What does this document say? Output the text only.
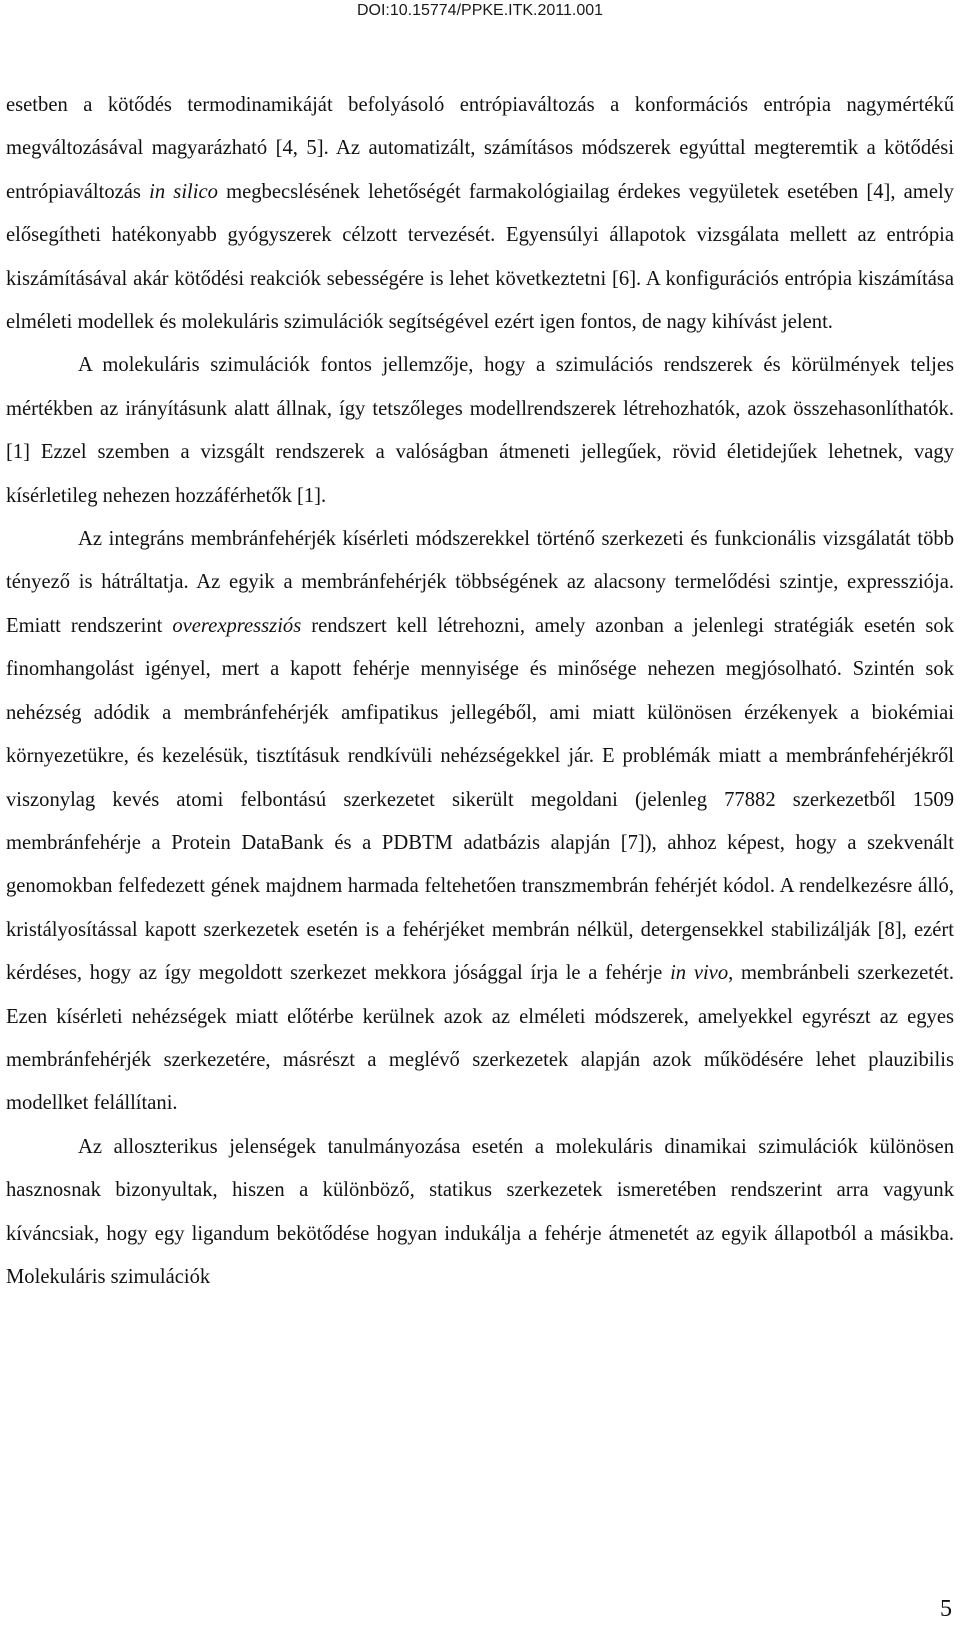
DOI:10.15774/PPKE.ITK.2011.001

esetben a kötődés termodinamikáját befolyásoló entrópiaváltozás a konformációs entrópia nagymértékű megváltozásával magyarázható [4, 5]. Az automatizált, számításos módszerek egyúttal megteremtik a kötődési entrópiaváltozás in silico megbecslésének lehetőségét farmakológiailag érdekes vegyületek esetében [4], amely elősegítheti hatékonyabb gyógyszerek célzott tervezését. Egyensúlyi állapotok vizsgálata mellett az entrópia kiszámításával akár kötődési reakciók sebességére is lehet következtetni [6]. A konfigurációs entrópia kiszámítása elméleti modellek és molekuláris szimulációk segítségével ezért igen fontos, de nagy kihívást jelent.

A molekuláris szimulációk fontos jellemzője, hogy a szimulációs rendszerek és körülmények teljes mértékben az irányításunk alatt állnak, így tetszőleges modellrendszerek létrehozhatók, azok összehasonlíthatók. [1] Ezzel szemben a vizsgált rendszerek a valóságban átmeneti jellegűek, rövid életidejűek lehetnek, vagy kísérletileg nehezen hozzáférhetők [1].

Az integráns membránfehérjék kísérleti módszerekkel történő szerkezeti és funkcionális vizsgálatát több tényező is hátráltatja. Az egyik a membránfehérjék többségének az alacsony termelődési szintje, expressziója. Emiatt rendszerint overexpressziós rendszert kell létrehozni, amely azonban a jelenlegi stratégiák esetén sok finomhangolást igényel, mert a kapott fehérje mennyisége és minősége nehezen megjósolható. Szintén sok nehézség adódik a membránfehérjék amfipatikus jellegéből, ami miatt különösen érzékenyek a biokémiai környezetükre, és kezelésük, tisztításuk rendkívüli nehézségekkel jár. E problémák miatt a membránfehérjékről viszonylag kevés atomi felbontású szerkezetet sikerült megoldani (jelenleg 77882 szerkezetből 1509 membránfehérje a Protein DataBank és a PDBTM adatbázis alapján [7]), ahhoz képest, hogy a szekvenált genomokban felfedezett gének majdnem harmada feltehetően transzmembrán fehérjét kódol. A rendelkezésre álló, kristályosítással kapott szerkezetek esetén is a fehérjéket membrán nélkül, detergensekkel stabilizálják [8], ezért kérdéses, hogy az így megoldott szerkezet mekkora jósággal írja le a fehérje in vivo, membránbeli szerkezetét. Ezen kísérleti nehézségek miatt előtérbe kerülnek azok az elméleti módszerek, amelyekkel egyrészt az egyes membránfehérjék szerkezetére, másrészt a meglévő szerkezetek alapján azok működésére lehet plauzibilis modellket felállítani.

Az alloszterikus jelenségek tanulmányozása esetén a molekuláris dinamikai szimulációk különösen hasznosnak bizonyultak, hiszen a különböző, statikus szerkezetek ismeretében rendszerint arra vagyunk kíváncsiak, hogy egy ligandum bekötődése hogyan indukálja a fehérje átmenetét az egyik állapotból a másikba. Molekuláris szimulációk

5
